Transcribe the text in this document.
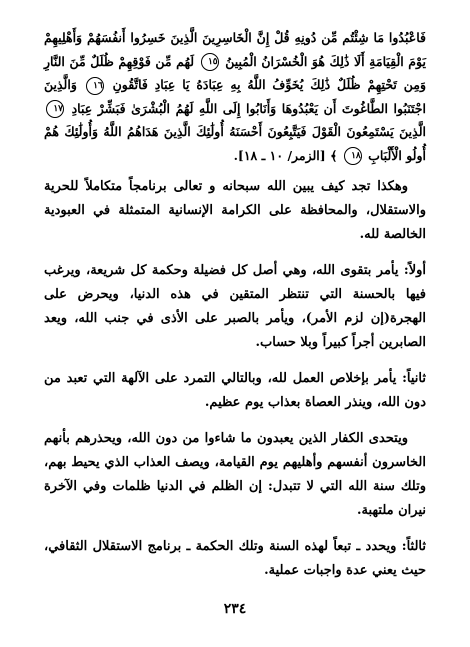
فَاعْبُدُوا مَا شِئْتُم مِّن دُونِهِ قُلْ إِنَّ الْخَاسِرِينَ الَّذِينَ خَسِرُوا أَنفُسَهُمْ وَأَهْلِيهِمْ يَوْمَ الْقِيَامَةِ أَلَا ذَٰلِكَ هُوَ الْخُسْرَانُ الْمُبِينُ ١٥ لَهُم مِّن فَوْقِهِمْ ظُلَلٌ مِّنَ النَّارِ وَمِن تَحْتِهِمْ ظُلَلٌ ذَٰلِكَ يُخَوِّفُ اللَّهُ بِهِ عِبَادَهُ يَا عِبَادِ فَاتَّقُونِ ١٦ وَالَّذِينَ اجْتَنَبُوا الطَّاغُوتَ أَن يَعْبُدُوهَا وَأَنَابُوا إِلَى اللَّهِ لَهُمُ الْبُشْرَىٰ فَبَشِّرْ عِبَادِ ١٧ الَّذِينَ يَسْتَمِعُونَ الْقَوْلَ فَيَتَّبِعُونَ أَحْسَنَهُ أُولَٰئِكَ الَّذِينَ هَدَاهُمُ اللَّهُ وَأُولَٰئِكَ هُمْ أُولُو الْأَلْبَابِ ١٨ ﴾ [الزمر/ ١٠ ـ ١٨].

وهكذا تجد كيف يبين الله سبحانه و تعالى برنامجاً متكاملاً للحرية والاستقلال، والمحافظة على الكرامة الإنسانية المتمثلة في العبودية الخالصة لله.

أولاً: يأمر بتقوى الله، وهي أصل كل فضيلة وحكمة كل شريعة، ويرغب فيها بالحسنة التي تنتظر المتقين في هذه الدنيا، ويحرض على الهجرة(إن لزم الأمر)، ويأمر بالصبر على الأذى في جنب الله، ويعد الصابرين أجراً كبيراً وبلا حساب.

ثانياً: يأمر بإخلاص العمل لله، وبالتالي التمرد على الآلهة التي تعبد من دون الله، وينذر العصاة بعذاب يوم عظيم.

ويتحدى الكفار الذين يعبدون ما شاءوا من دون الله، ويحذرهم بأنهم الخاسرون أنفسهم وأهليهم يوم القيامة، ويصف العذاب الذي يحيط بهم، وتلك سنة الله التي لا تتبدل: إن الظلم في الدنيا ظلمات وفي الآخرة نيران ملتهبة.

ثالثاً: ويحدد ـ تبعاً لهذه السنة وتلك الحكمة ـ برنامج الاستقلال الثقافي، حيث يعني عدة واجبات عملية.

٢٣٤
